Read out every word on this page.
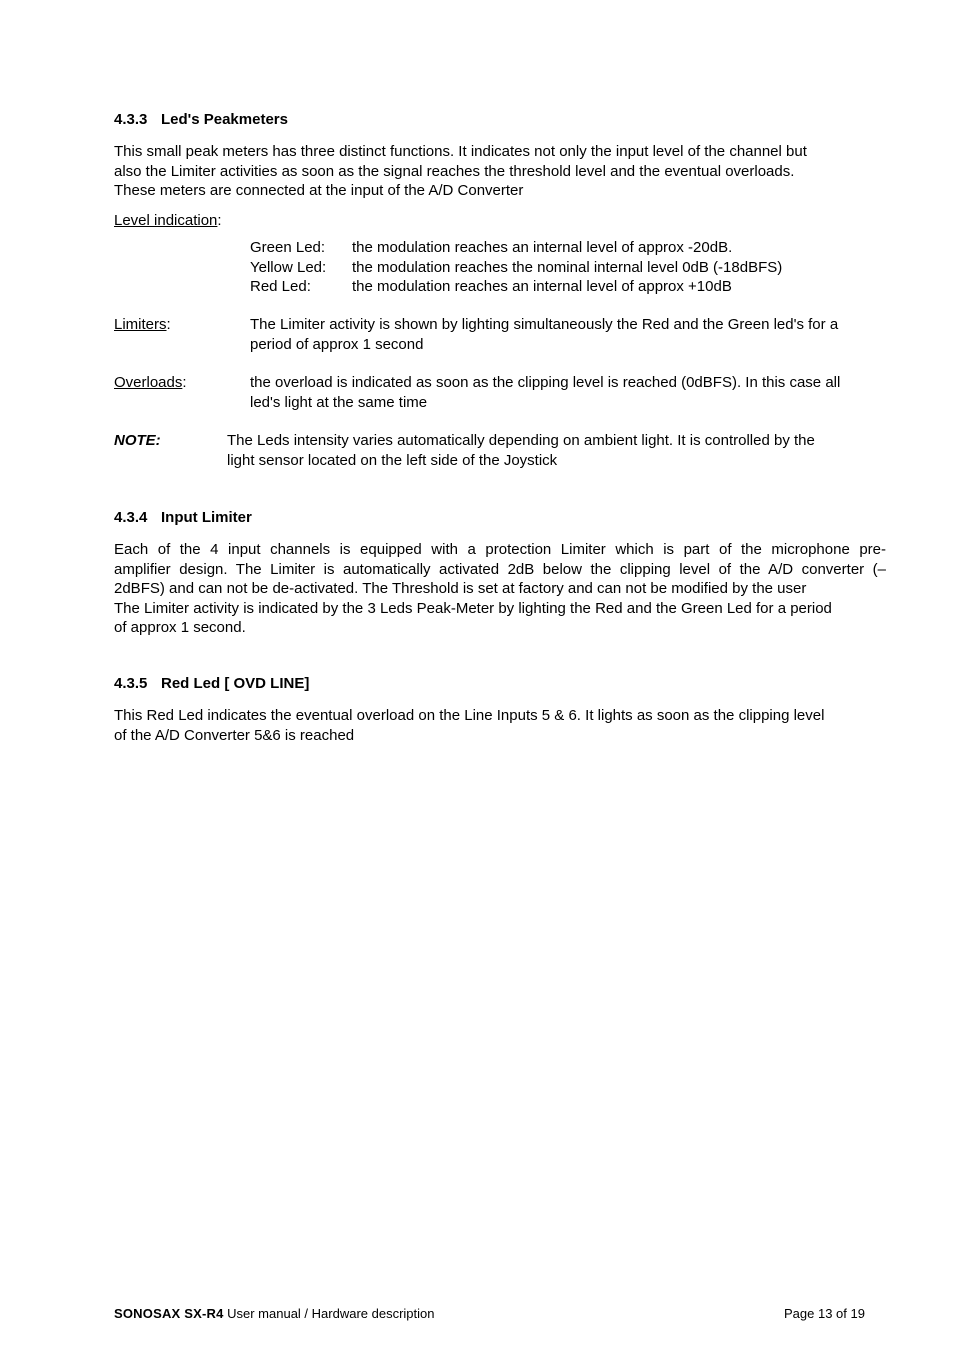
4.3.3 Led's Peakmeters
This small peak meters has three distinct functions. It indicates not only the input level of the channel but
also the Limiter activities as soon as the signal reaches the threshold level and the eventual overloads.
These meters are connected at the input of the A/D Converter
Level indication:
Green Led: the modulation reaches an internal level of approx -20dB.
Yellow Led: the modulation reaches the nominal internal level 0dB (-18dBFS)
Red Led:	the modulation reaches an internal level of approx +10dB
Limiters:	The Limiter activity is shown by lighting simultaneously the Red and the Green led's for a
period of approx 1 second
Overloads:	the overload is indicated as soon as the clipping level is reached (0dBFS). In this case all
led's light at the same time
NOTE:	The Leds intensity varies automatically depending on ambient light. It is controlled by the
light sensor located on the left side of the Joystick
4.3.4 Input Limiter
Each of the 4 input channels is equipped with a protection Limiter which is part of the microphone pre-
amplifier design. The Limiter is automatically activated 2dB below the clipping level of the A/D converter (–
2dBFS) and can not be de-activated. The Threshold is set at factory and can not be modified by the user
The Limiter activity is indicated by the 3 Leds Peak-Meter by lighting the Red and the Green Led for a period
of approx 1 second.
4.3.5 Red Led [ OVD LINE]
This Red Led indicates the eventual overload on the Line Inputs 5 & 6. It lights as soon as the clipping level
of the A/D Converter 5&6 is reached
SONOSAX SX-R4 User manual / Hardware description	Page 13 of 19
